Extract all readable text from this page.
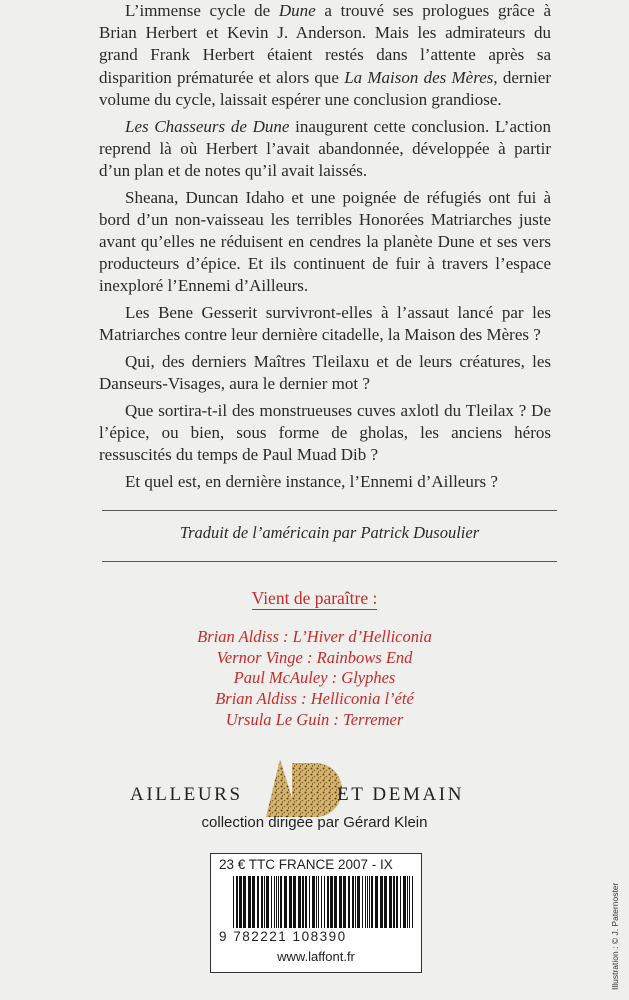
L’immense cycle de Dune a trouvé ses prologues grâce à Brian Herbert et Kevin J. Anderson. Mais les admirateurs du grand Frank Herbert étaient restés dans l’attente après sa disparition prématurée et alors que La Maison des Mères, dernier volume du cycle, laissait espérer une conclusion grandiose.

Les Chasseurs de Dune inaugurent cette conclusion. L’action reprend là où Herbert l’avait abandonnée, développée à partir d’un plan et de notes qu’il avait laissés.

Sheana, Duncan Idaho et une poignée de réfugiés ont fui à bord d’un non-vaisseau les terribles Honorées Matriarches juste avant qu’elles ne réduisent en cendres la planète Dune et ses vers producteurs d’épice. Et ils continuent de fuir à travers l’espace inexploré l’Ennemi d’Ailleurs.

Les Bene Gesserit survivront-elles à l’assaut lancé par les Matriarches contre leur dernière citadelle, la Maison des Mères ?

Qui, des derniers Maîtres Tleilaxu et de leurs créatures, les Danseurs-Visages, aura le dernier mot ?

Que sortira-t-il des monstrueuses cuves axlotl du Tleilax ? De l’épice, ou bien, sous forme de gholas, les anciens héros ressuscités du temps de Paul Muad Dib ?

Et quel est, en dernière instance, l’Ennemi d’Ailleurs ?

Traduit de l’américain par Patrick Dusoulier
Vient de paraître :
Brian Aldiss : L’Hiver d’Helliconia
Vernor Vinge : Rainbows End
Paul McAuley : Glyphes
Brian Aldiss : Helliconia l’été
Ursula Le Guin : Terremer
AILLEURS	ET DEMAIN
collection dirigée par Gérard Klein
23 € TTC FRANCE 2007 - IX
9 782221 108390
www.laffont.fr	Illustration : © J. Paternoster
